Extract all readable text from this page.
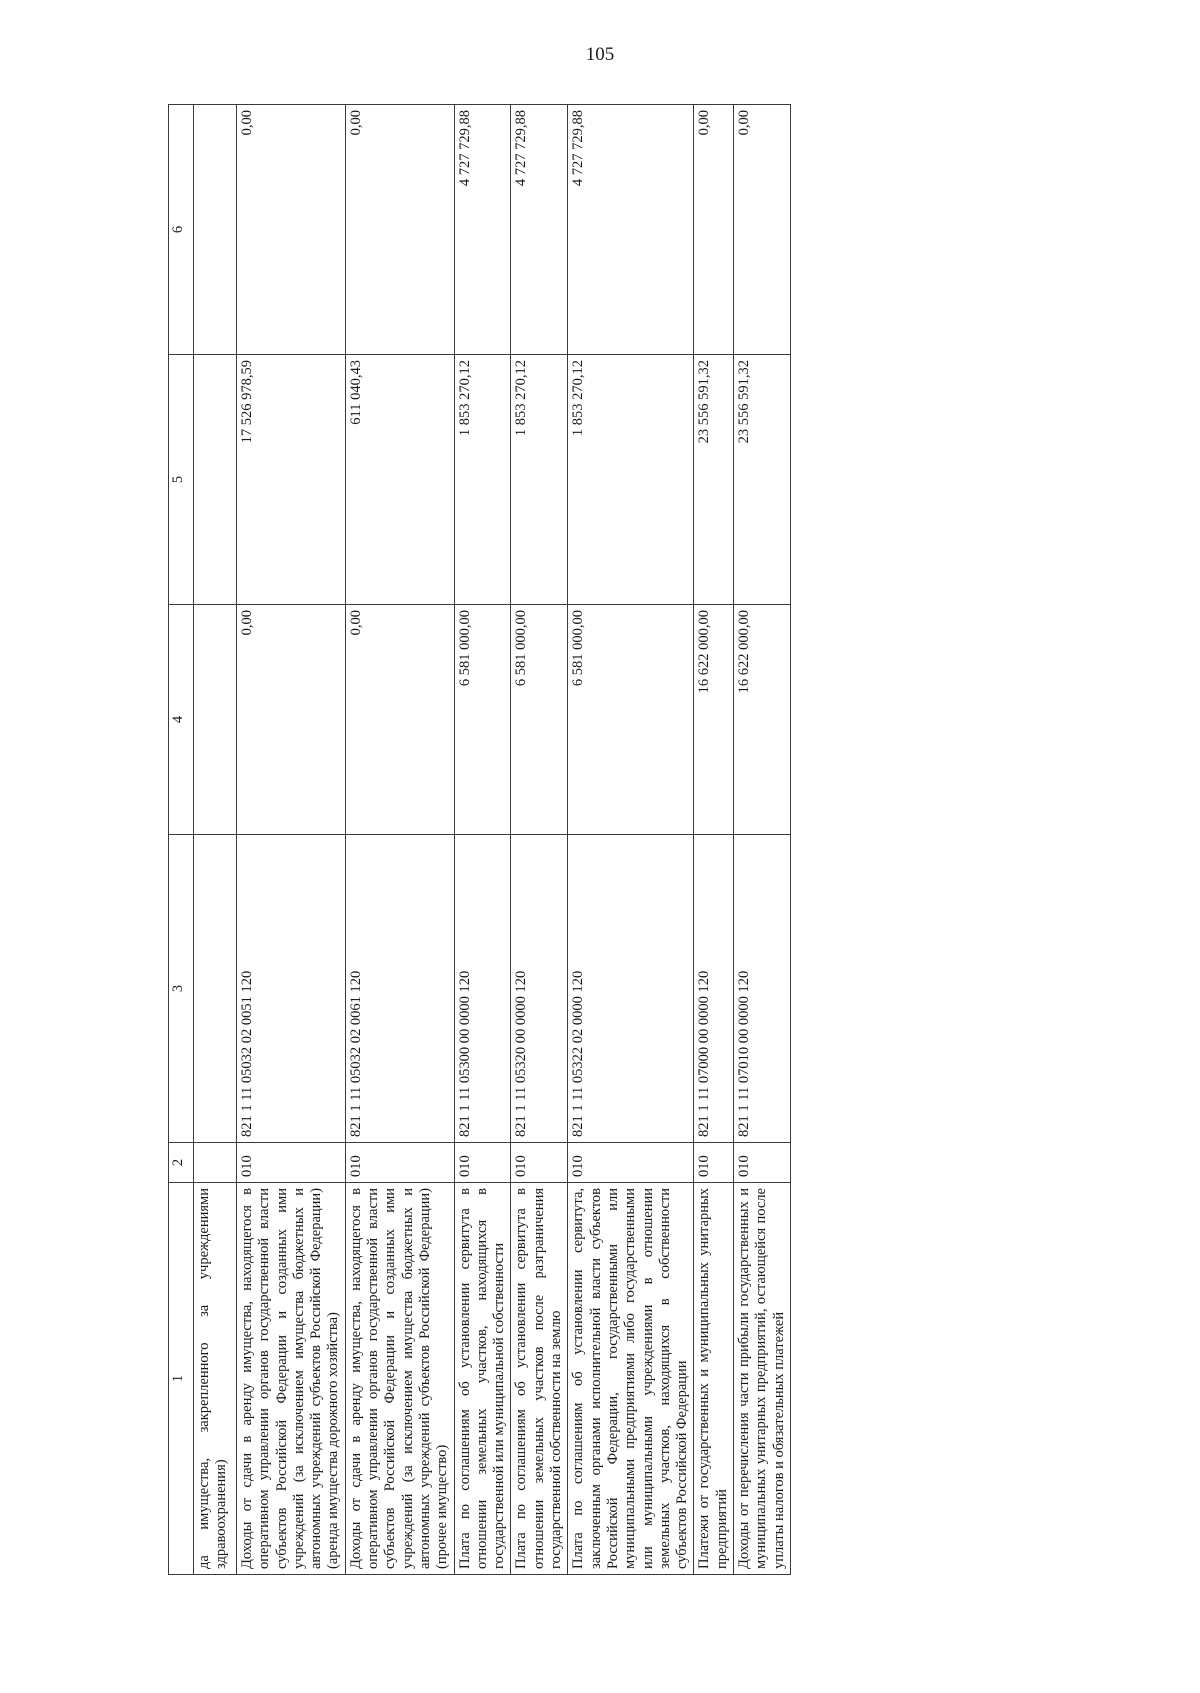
105
1	2	3	4	5	6
да имущества, закрепленного за учреждениями здравоохранения)					
Доходы от сдачи в аренду имущества, находящегося в оперативном управлении органов государственной власти субъектов Российской Федерации и созданных ими учреждений (за исключением имущества бюджетных и автономных учреждений субъектов Российской Федерации) (аренда имущества дорожного хозяйства)	010	821 1 11 05032 02 0051 120	0,00	17 526 978,59	0,00
Доходы от сдачи в аренду имущества, находящегося в оперативном управлении органов государственной власти субъектов Российской Федерации и созданных ими учреждений (за исключением имущества бюджетных и автономных учреждений субъектов Российской Федерации) (прочее имущество)	010	821 1 11 05032 02 0061 120	0,00	611 040,43	0,00
Плата по соглашениям об установлении сервитута в отношении земельных участков, находящихся в государственной или муниципальной собственности	010	821 1 11 05300 00 0000 120	6 581 000,00	1 853 270,12	4 727 729,88
Плата по соглашениям об установлении сервитута в отношении земельных участков после разграничения государственной собственности на землю	010	821 1 11 05320 00 0000 120	6 581 000,00	1 853 270,12	4 727 729,88
Плата по соглашениям об установлении сервитута, заключенным органами исполнительной власти субъектов Российской Федерации, государственными или муниципальными предприятиями либо государственными или муниципальными учреждениями в отношении земельных участков, находящихся в собственности субъектов Российской Федерации	010	821 1 11 05322 02 0000 120	6 581 000,00	1 853 270,12	4 727 729,88
Платежи от государственных и муниципальных унитарных предприятий	010	821 1 11 07000 00 0000 120	16 622 000,00	23 556 591,32	0,00
Доходы от перечисления части прибыли государственных и муниципальных унитарных предприятий, остающейся после уплаты налогов и обязательных платежей	010	821 1 11 07010 00 0000 120	16 622 000,00	23 556 591,32	0,00
